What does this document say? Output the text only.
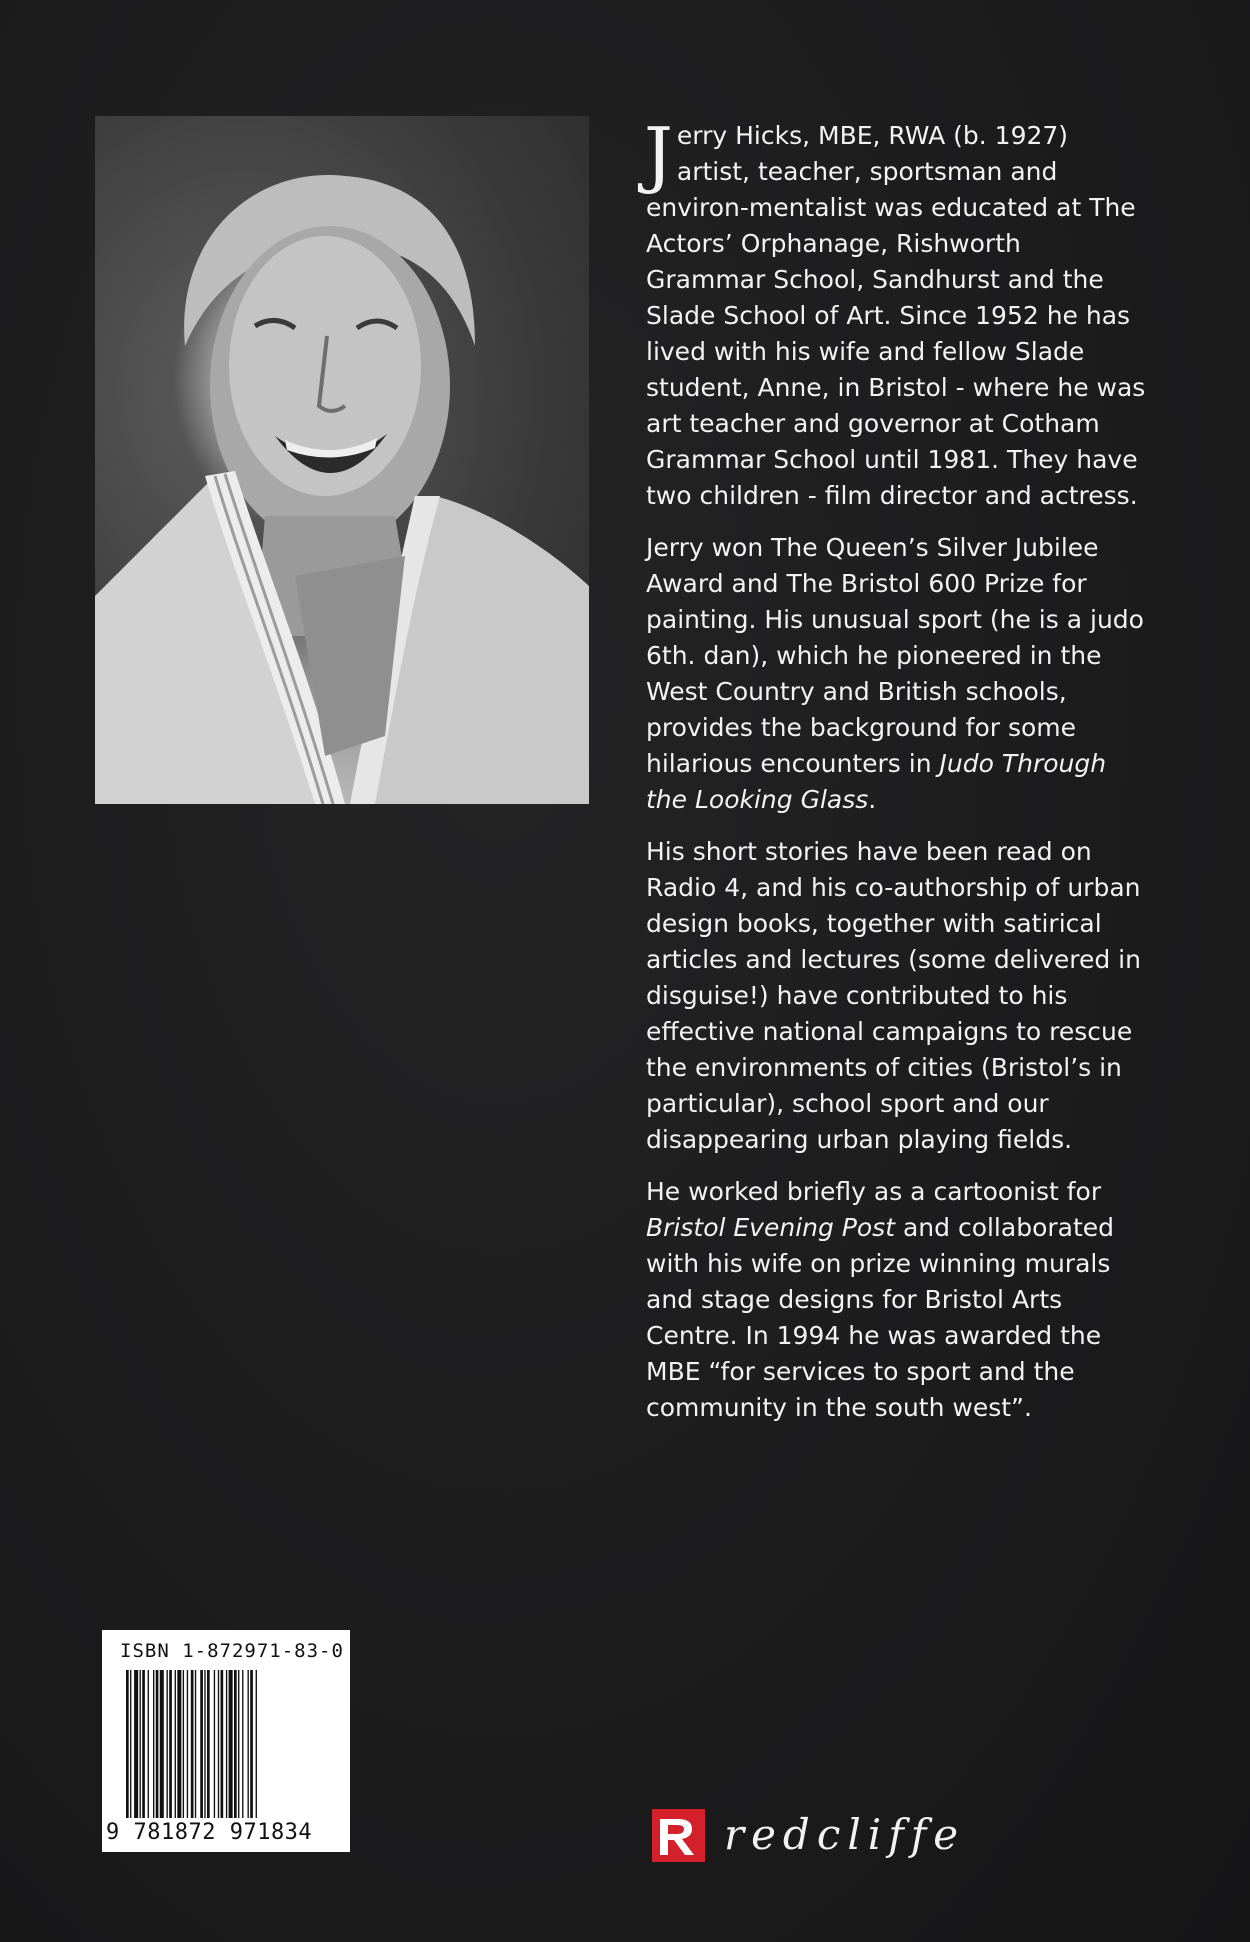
Jerry Hicks, MBE, RWA (b. 1927) artist, teacher, sportsman and environ-mentalist was educated at The Actors’ Orphanage, Rishworth Grammar School, Sandhurst and the Slade School of Art. Since 1952 he has lived with his wife and fellow Slade student, Anne, in Bristol - where he was art teacher and governor at Cotham Grammar School until 1981. They have two children - film director and actress.

Jerry won The Queen’s Silver Jubilee Award and The Bristol 600 Prize for painting. His unusual sport (he is a judo 6th. dan), which he pioneered in the West Country and British schools, provides the background for some hilarious encounters in Judo Through the Looking Glass.

His short stories have been read on Radio 4, and his co-authorship of urban design books, together with satirical articles and lectures (some delivered in disguise!) have contributed to his effective national campaigns to rescue the environments of cities (Bristol’s in particular), school sport and our disappearing urban playing fields.

He worked briefly as a cartoonist for Bristol Evening Post and collaborated with his wife on prize winning murals and stage designs for Bristol Arts Centre. In 1994 he was awarded the MBE “for services to sport and the community in the south west”.

ISBN 1-872971-83-0
9 781872 971834	redcliffe
